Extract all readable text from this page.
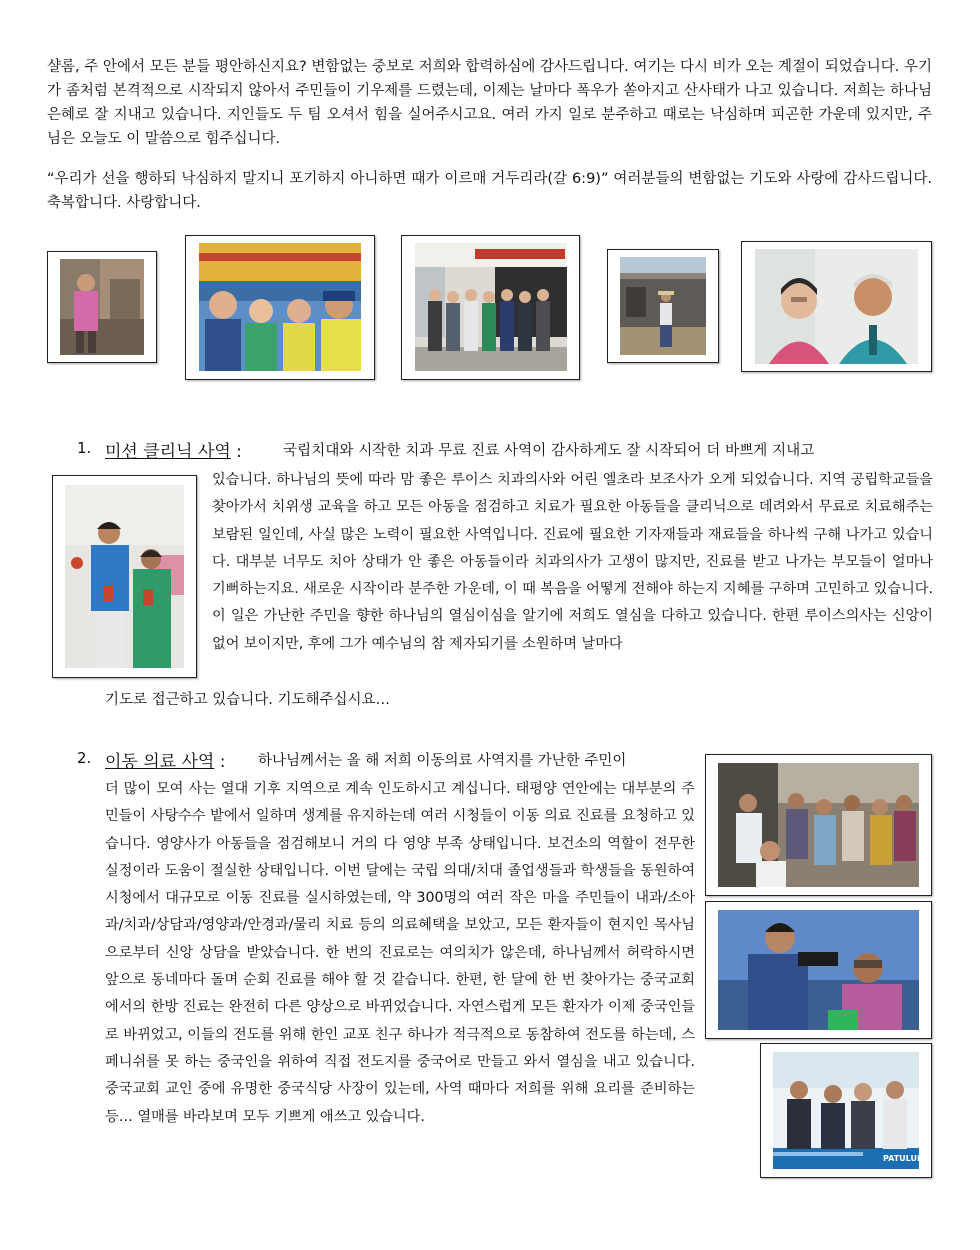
샬롬, 주 안에서 모든 분들 평안하신지요? 변함없는 중보로 저희와 합력하심에 감사드립니다. 여기는 다시 비가 오는 계절이 되었습니다. 우기가 좀처럼 본격적으로 시작되지 않아서 주민들이 기우제를 드렸는데, 이제는 날마다 폭우가 쏟아지고 산사태가 나고 있습니다. 저희는 하나님 은혜로 잘 지내고 있습니다. 지인들도 두 팀 오셔서 힘을 실어주시고요. 여러 가지 일로 분주하고 때로는 낙심하며 피곤한 가운데 있지만, 주님은 오늘도 이 말씀으로 힘주십니다.

“우리가 선을 행하되 낙심하지 말지니 포기하지 아니하면 때가 이르매 거두리라(갈 6:9)” 여러분들의 변함없는 기도와 사랑에 감사드립니다. 축복합니다. 사랑합니다.

1. 미션 클리닉 사역 :	국립치대와 시작한 치과 무료 진료 사역이 감사하게도 잘 시작되어 더 바쁘게 지내고

있습니다. 하나님의 뜻에 따라 맘 좋은 루이스 치과의사와 어린 엘초라 보조사가 오게 되었습니다. 지역 공립학교들을 찾아가서 치위생 교육을 하고 모든 아동을 점검하고 치료가 필요한 아동들을 클리닉으로 데려와서 무료로 치료해주는 보람된 일인데, 사실 많은 노력이 필요한 사역입니다. 진료에 필요한 기자재들과 재료들을 하나씩 구해 나가고 있습니다. 대부분 너무도 치아 상태가 안 좋은 아동들이라 치과의사가 고생이 많지만, 진료를 받고 나가는 부모들이 얼마나 기뻐하는지요. 새로운 시작이라 분주한 가운데, 이 때 복음을 어떻게 전해야 하는지 지혜를 구하며 고민하고 있습니다. 이 일은 가난한 주민을 향한 하나님의 열심이심을 알기에 저희도 열심을 다하고 있습니다. 한편 루이스의사는 신앙이 없어 보이지만, 후에 그가 예수님의 참 제자되기를 소원하며 날마다

기도로 접근하고 있습니다. 기도해주십시요…

2. 이동 의료 사역 : 하나님께서는 올 해 저희 이동의료 사역지를 가난한 주민이

더 많이 모여 사는 열대 기후 지역으로 계속 인도하시고 계십니다. 태평양 연안에는 대부분의 주민들이 사탕수수 밭에서 일하며 생계를 유지하는데 여러 시청들이 이동 의료 진료를 요청하고 있습니다. 영양사가 아동들을 점검해보니 거의 다 영양 부족 상태입니다. 보건소의 역할이 전무한 실정이라 도움이 절실한 상태입니다. 이번 달에는 국립 의대/치대 졸업생들과 학생들을 동원하여 시청에서 대규모로 이동 진료를 실시하였는데, 약 300명의 여러 작은 마을 주민들이 내과/소아과/치과/상담과/영양과/안경과/물리 치료 등의 의료혜택을 보았고, 모든 환자들이 현지인 목사님으로부터 신앙 상담을 받았습니다. 한 번의 진료로는 여의치가 않은데, 하나님께서 허락하시면 앞으로 동네마다 돌며 순회 진료를 해야 할 것 같습니다. 한편, 한 달에 한 번 찾아가는 중국교회에서의 한방 진료는 완전히 다른 양상으로 바뀌었습니다. 자연스럽게 모든 환자가 이제 중국인들로 바뀌었고, 이들의 전도를 위해 한인 교포 친구 하나가 적극적으로 동참하여 전도를 하는데, 스페니쉬를 못 하는 중국인을 위하여 직접 전도지를 중국어로 만들고 와서 열심을 내고 있습니다. 중국교회 교인 중에 유명한 중국식당 사장이 있는데, 사역 때마다 저희를 위해 요리를 준비하는 등… 열매를 바라보며 모두 기쁘게 애쓰고 있습니다.

PATULUL
